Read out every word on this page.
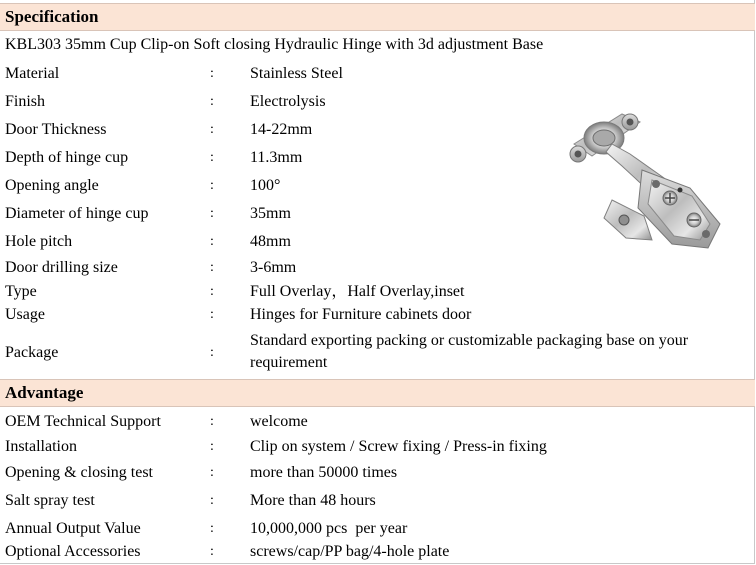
Specification
KBL303 35mm Cup Clip-on Soft closing Hydraulic Hinge with 3d adjustment Base
Material	: Stainless Steel
Finish	: Electrolysis
Door Thickness	: 14-22mm
Depth of hinge cup	: 11.3mm
Opening angle	: 100°
Diameter of hinge cup	: 35mm
Hole pitch	: 48mm
Door drilling size	: 3-6mm
Type	: Full Overlay，Half Overlay,inset
Usage	: Hinges for Furniture cabinets door
Package	:
Standard exporting packing or customizable packaging base on your requirement
Advantage
OEM Technical Support	: welcome
Installation	: Clip on system / Screw fixing / Press-in fixing
Opening & closing test	: more than 50000 times
Salt spray test	: More than 48 hours
Annual Output Value	: 10,000,000 pcs  per year
Optional Accessories	: screws/cap/PP bag/4-hole plate
